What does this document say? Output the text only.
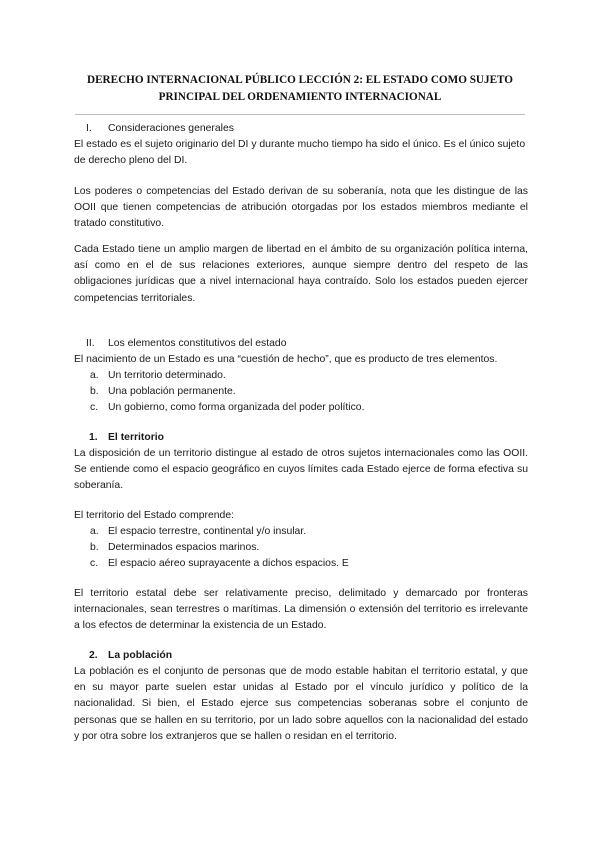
DERECHO INTERNACIONAL PÚBLICO LECCIÓN 2: EL ESTADO COMO SUJETO PRINCIPAL DEL ORDENAMIENTO INTERNACIONAL

I. Consideraciones generales

El estado es el sujeto originario del DI y durante mucho tiempo ha sido el único. Es el único sujeto de derecho pleno del DI.

Los poderes o competencias del Estado derivan de su soberanía, nota que les distingue de las OOII que tienen competencias de atribución otorgadas por los estados miembros mediante el tratado constitutivo.

Cada Estado tiene un amplio margen de libertad en el ámbito de su organización política interna, así como en el de sus relaciones exteriores, aunque siempre dentro del respeto de las obligaciones jurídicas que a nivel internacional haya contraído. Solo los estados pueden ejercer competencias territoriales.

II. Los elementos constitutivos del estado

El nacimiento de un Estado es una “cuestión de hecho”, que es producto de tres elementos.

a. Un territorio determinado.
b. Una población permanente.
c. Un gobierno, como forma organizada del poder político.

1. El territorio

La disposición de un territorio distingue al estado de otros sujetos internacionales como las OOII. Se entiende como el espacio geográfico en cuyos límites cada Estado ejerce de forma efectiva su soberanía.

El territorio del Estado comprende:

a. El espacio terrestre, continental y/o insular.
b. Determinados espacios marinos.
c. El espacio aéreo suprayacente a dichos espacios. E

El territorio estatal debe ser relativamente preciso, delimitado y demarcado por fronteras internacionales, sean terrestres o marítimas. La dimensión o extensión del territorio es irrelevante a los efectos de determinar la existencia de un Estado.

2. La población

La población es el conjunto de personas que de modo estable habitan el territorio estatal, y que en su mayor parte suelen estar unidas al Estado por el vínculo jurídico y político de la nacionalidad. Si bien, el Estado ejerce sus competencias soberanas sobre el conjunto de personas que se hallen en su territorio, por un lado sobre aquellos con la nacionalidad del estado y por otra sobre los extranjeros que se hallen o residan en el territorio.
